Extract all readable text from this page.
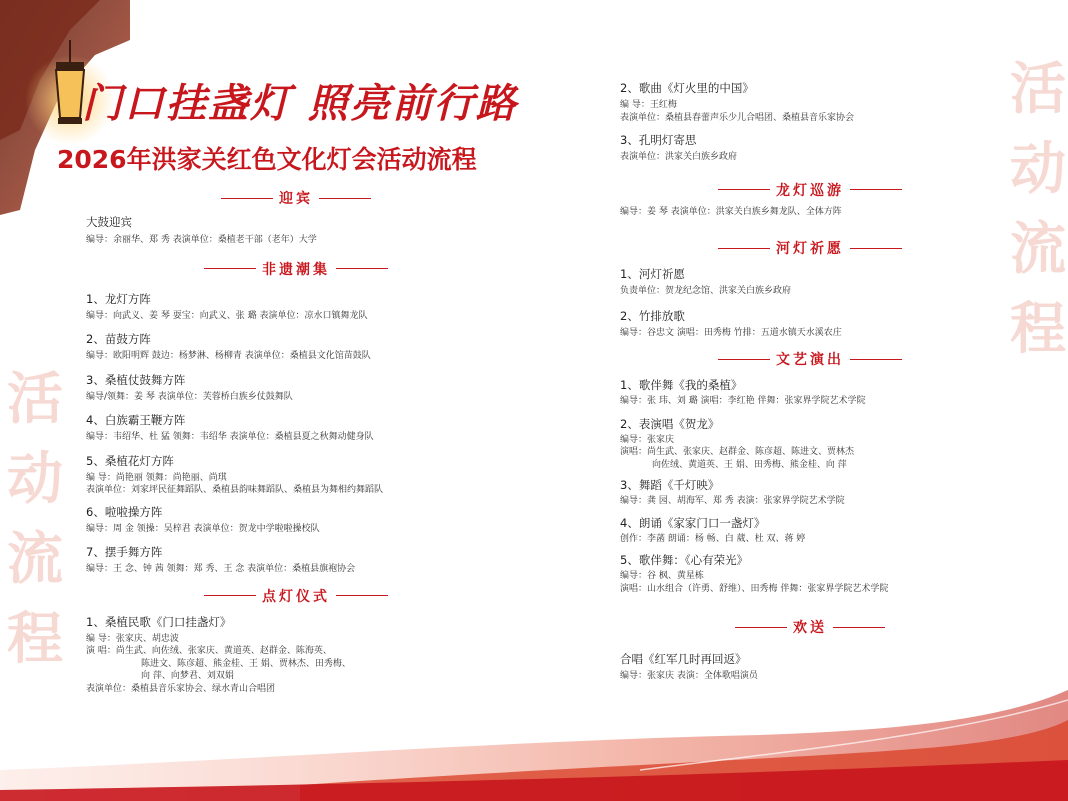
活
动
流
程
活
动
流
程
门口挂盏灯 照亮前行路
2026年洪家关红色文化灯会活动流程
迎宾

大鼓迎宾

编导：余丽华、郑 秀 表演单位：桑植老干部（老年）大学

非遗潮集

1、龙灯方阵

编导：向武义、姜 琴 耍宝：向武义、张 璐 表演单位：凉水口镇舞龙队

2、苗鼓方阵

编导：欧阳明辉 鼓边：杨梦淋、杨柳青 表演单位：桑植县文化馆苗鼓队

3、桑植仗鼓舞方阵

编导/领舞：姜 琴 表演单位：芙蓉桥白族乡仗鼓舞队

4、白族霸王鞭方阵

编导：韦绍华、杜 猛 领舞：韦绍华 表演单位：桑植县夏之秋舞动健身队

5、桑植花灯方阵

编 导：尚艳丽 领舞：尚艳丽、尚琪

表演单位：刘家坪民征舞蹈队、桑植县韵味舞蹈队、桑植县为舞相约舞蹈队

6、啦啦操方阵

编导：周 金 领操：吴梓君 表演单位：贺龙中学啦啦操校队

7、摆手舞方阵

编导：王 念、钟 茜 领舞：郑 秀、王 念 表演单位：桑植县旗袍协会

点灯仪式

1、桑植民歌《门口挂盏灯》

编 导：张家庆、胡忠波

演 唱：尚生武、向佐绒、张家庆、黄道英、赵群金、陈海英、

陈进文、陈彦超、熊金桂、王 娟、贾林杰、田秀梅、

向 萍、向梦君、刘双娟

表演单位：桑植县音乐家协会、绿水青山合唱团

2、歌曲《灯火里的中国》

编 导：王红梅

表演单位：桑植县春蕾声乐少儿合唱团、桑植县音乐家协会

3、孔明灯寄思

表演单位：洪家关白族乡政府

龙灯巡游

编导：姜 琴 表演单位：洪家关白族乡舞龙队、全体方阵

河灯祈愿

1、河灯祈愿

负责单位：贺龙纪念馆、洪家关白族乡政府

2、竹排放歌

编导：谷忠文 演唱：田秀梅 竹排：五道水镇天水溪农庄

文艺演出

1、歌伴舞《我的桑植》

编导：张 玮、刘 璐 演唱：李红艳 伴舞：张家界学院艺术学院

2、表演唱《贺龙》

编导：张家庆

演唱：尚生武、张家庆、赵群金、陈彦超、陈进文、贾林杰

向佐绒、黄道英、王 娟、田秀梅、熊金桂、向 萍

3、舞蹈《千灯映》

编导：龚 园、胡海军、郑 秀 表演：张家界学院艺术学院

4、朗诵《家家门口一盏灯》

创作：李菡 朗诵：杨 畅、白 葳、杜 双、蒋 婷

5、歌伴舞：《心有荣光》

编导：谷 枫、黄星栋

演唱：山水组合（许勇、舒维）、田秀梅 伴舞：张家界学院艺术学院

欢送

合唱《红军几时再回返》

编导：张家庆 表演：全体歌唱演员
